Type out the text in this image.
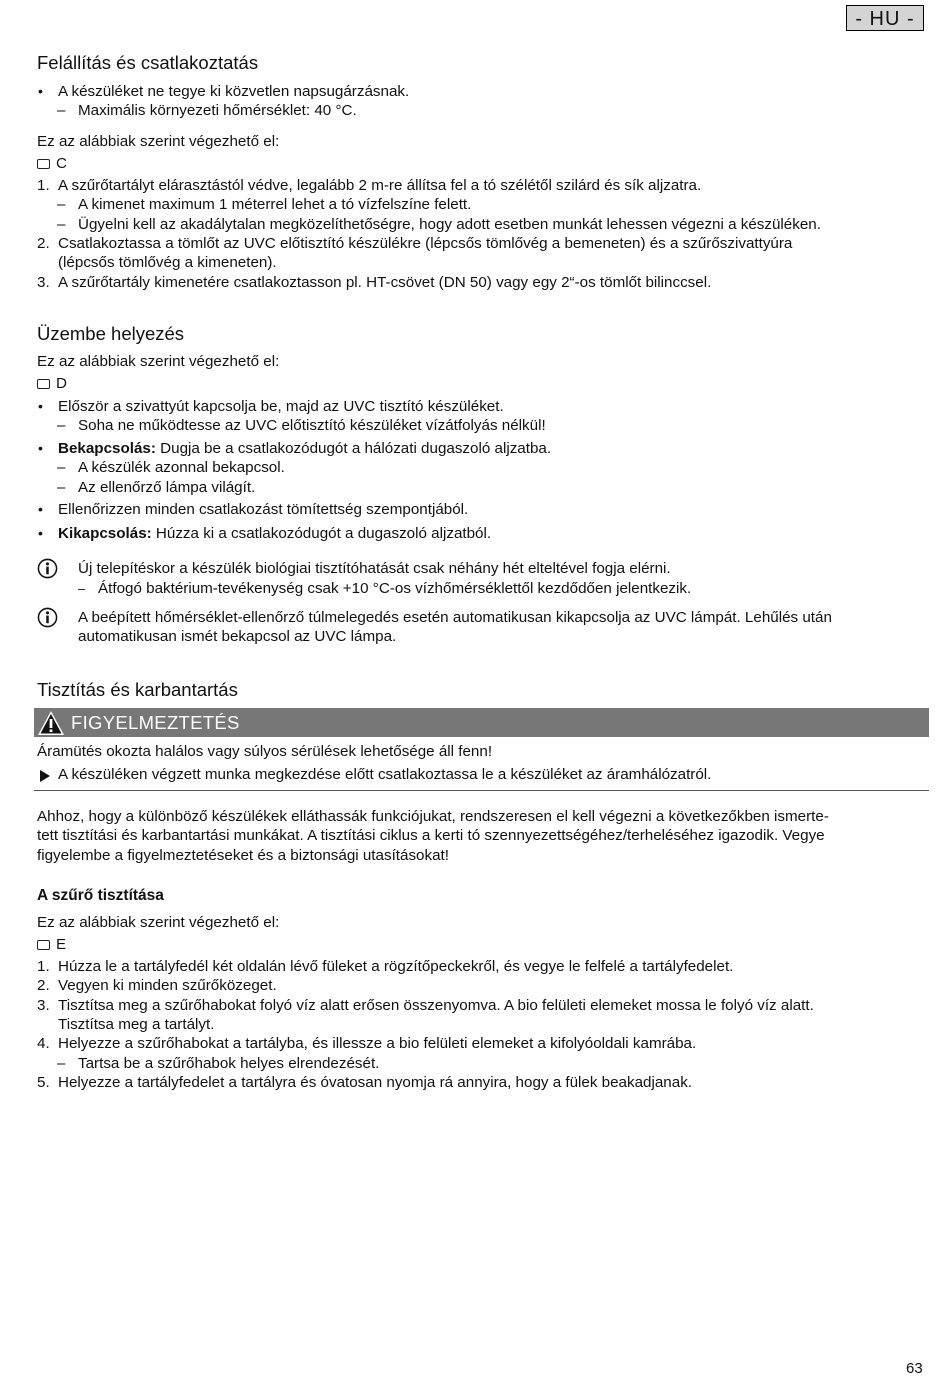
- HU -
Felállítás és csatlakoztatás
• A készüléket ne tegye ki közvetlen napsugárzásnak.
– Maximális környezeti hőmérséklet: 40 °C.
Ez az alábbiak szerint végezhető el:
C
1. A szűrőtartályt elárasztástól védve, legalább 2 m-re állítsa fel a tó szélétől szilárd és sík aljzatra.
– A kimenet maximum 1 méterrel lehet a tó vízfelszíne felett.
– Ügyelni kell az akadálytalan megközelíthetőségre, hogy adott esetben munkát lehessen végezni a készüléken.
2. Csatlakoztassa a tömlőt az UVC előtisztító készülékre (lépcsős tömlővég a bemeneten) és a szűrőszivattyúra
(lépcsős tömlővég a kimeneten).
3. A szűrőtartály kimenetére csatlakoztasson pl. HT-csövet (DN 50) vagy egy 2“-os tömlőt bilinccsel.
Üzembe helyezés
Ez az alábbiak szerint végezhető el:
D
• Először a szivattyút kapcsolja be, majd az UVC tisztító készüléket.
– Soha ne működtesse az UVC előtisztító készüléket vízátfolyás nélkül!
• Bekapcsolás: Dugja be a csatlakozódugót a hálózati dugaszoló aljzatba.
– A készülék azonnal bekapcsol.
– Az ellenőrző lámpa világít.
• Ellenőrizzen minden csatlakozást tömítettség szempontjából.
• Kikapcsolás: Húzza ki a csatlakozódugót a dugaszoló aljzatból.
Új telepítéskor a készülék biológiai tisztítóhatását csak néhány hét elteltével fogja elérni.
– Átfogó baktérium-tevékenység csak +10 °C-os vízhőmérséklettől kezdődően jelentkezik.
A beépített hőmérséklet-ellenőrző túlmelegedés esetén automatikusan kikapcsolja az UVC lámpát. Lehűlés után
automatikusan ismét bekapcsol az UVC lámpa.
Tisztítás és karbantartás
FIGYELMEZTETÉS
Áramütés okozta halálos vagy súlyos sérülések lehetősége áll fenn!
A készüléken végzett munka megkezdése előtt csatlakoztassa le a készüléket az áramhálózatról.
Ahhoz, hogy a különböző készülékek elláthassák funkciójukat, rendszeresen el kell végezni a következőkben ismerte-
tett tisztítási és karbantartási munkákat. A tisztítási ciklus a kerti tó szennyezettségéhez/terheléséhez igazodik. Vegye
figyelembe a figyelmeztetéseket és a biztonsági utasításokat!
A szűrő tisztítása
Ez az alábbiak szerint végezhető el:
E
1. Húzza le a tartályfedél két oldalán lévő füleket a rögzítőpeckekről, és vegye le felfelé a tartályfedelet.
2. Vegyen ki minden szűrőközeget.
3. Tisztítsa meg a szűrőhabokat folyó víz alatt erősen összenyomva. A bio felületi elemeket mossa le folyó víz alatt.
Tisztítsa meg a tartályt.
4. Helyezze a szűrőhabokat a tartályba, és illessze a bio felületi elemeket a kifolyóoldali kamrába.
– Tartsa be a szűrőhabok helyes elrendezését.
5. Helyezze a tartályfedelet a tartályra és óvatosan nyomja rá annyira, hogy a fülek beakadjanak.
63
